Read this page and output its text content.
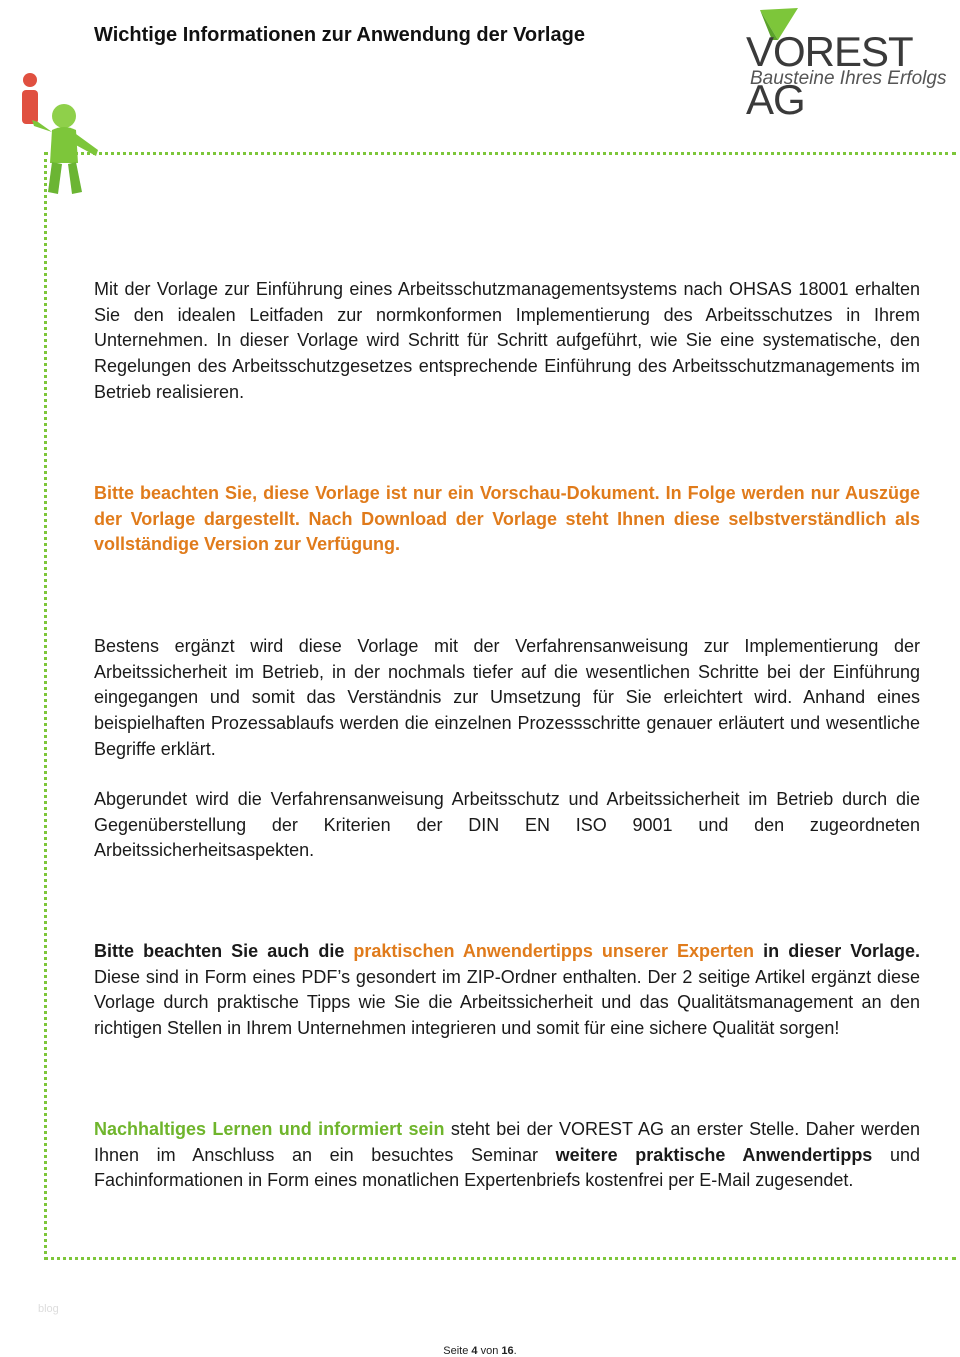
Wichtige Informationen zur Anwendung der Vorlage	VOREST AG
Bausteine Ihres Erfolgs

Mit der Vorlage zur Einführung eines Arbeitsschutzmanagementsystems nach OHSAS 18001 erhalten Sie den idealen Leitfaden zur normkonformen Implementierung des Arbeitsschutzes in Ihrem Unternehmen. In dieser Vorlage wird Schritt für Schritt aufgeführt, wie Sie eine systematische, den Regelungen des Arbeitsschutzgesetzes entsprechende Einführung des Arbeitsschutzmanagements im Betrieb realisieren.

Bitte beachten Sie, diese Vorlage ist nur ein Vorschau-Dokument. In Folge werden nur Auszüge der Vorlage dargestellt. Nach Download der Vorlage steht Ihnen diese selbstverständlich als vollständige Version zur Verfügung.

Bestens ergänzt wird diese Vorlage mit der Verfahrensanweisung zur Implementierung der Arbeitssicherheit im Betrieb, in der nochmals tiefer auf die wesentlichen Schritte bei der Einführung eingegangen und somit das Verständnis zur Umsetzung für Sie erleichtert wird. Anhand eines beispielhaften Prozessablaufs werden die einzelnen Prozessschritte genauer erläutert und wesentliche Begriffe erklärt.

Abgerundet wird die Verfahrensanweisung Arbeitsschutz und Arbeitssicherheit im Betrieb durch die Gegenüberstellung der Kriterien der DIN EN ISO 9001 und den zugeordneten Arbeitssicherheitsaspekten.

Bitte beachten Sie auch die praktischen Anwendertipps unserer Experten in dieser Vorlage. Diese sind in Form eines PDF’s gesondert im ZIP-Ordner enthalten. Der 2 seitige Artikel ergänzt diese Vorlage durch praktische Tipps wie Sie die Arbeitssicherheit und das Qualitätsmanagement an den richtigen Stellen in Ihrem Unternehmen integrieren und somit für eine sichere Qualität sorgen!

Nachhaltiges Lernen und informiert sein steht bei der VOREST AG an erster Stelle. Daher werden Ihnen im Anschluss an ein besuchtes Seminar weitere praktische Anwendertipps und Fachinformationen in Form eines monatlichen Expertenbriefs kostenfrei per E-Mail zugesendet.

blog
Seite 4 von 16.
